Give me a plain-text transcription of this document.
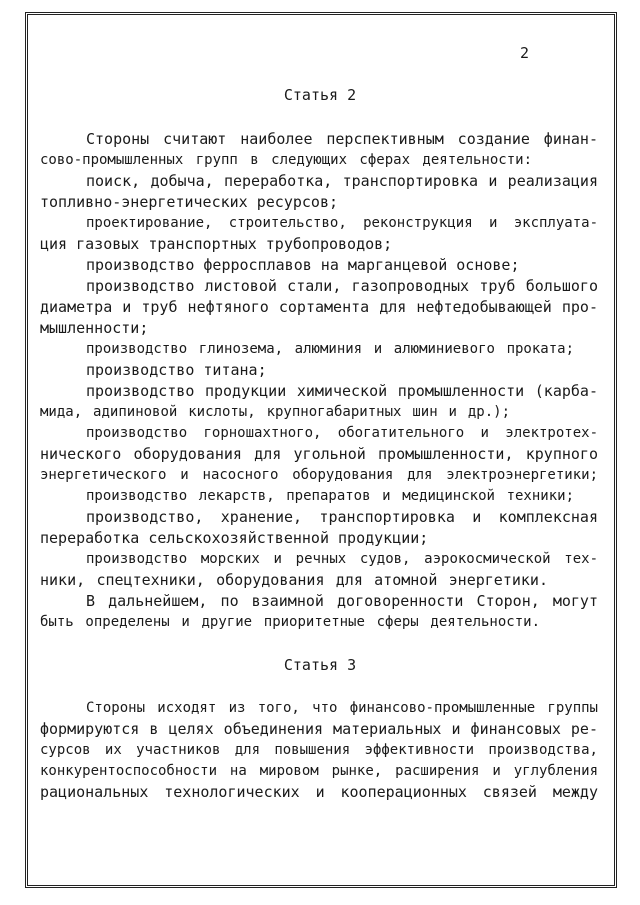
2
Статья 2
Стороны считают наиболее перспективным создание финан-
сово-промышленных групп в следующих сферах деятельности:
поиск, добыча, переработка, транспортировка и реализация
топливно-энергетических ресурсов;
проектирование, строительство, реконструкция и эксплуата-
ция газовых транспортных трубопроводов;
производство ферросплавов на марганцевой основе;
производство листовой стали, газопроводных труб большого
диаметра и труб нефтяного сортамента для нефтедобывающей про-
мышленности;
производство глинозема, алюминия и алюминиевого проката;
производство титана;
производство продукции химической промышленности (карба-
мида, адипиновой кислоты, крупногабаритных шин и др.);
производство горношахтного, обогатительного и электротех-
нического оборудования для угольной промышленности, крупного
энергетического и насосного оборудования для электроэнергетики;
производство лекарств, препаратов и медицинской техники;
производство, хранение, транспортировка и комплексная
переработка сельскохозяйственной продукции;
производство морских и речных судов, аэрокосмической тех-
ники, спецтехники, оборудования для атомной энергетики.
В дальнейшем, по взаимной договоренности Сторон, могут
быть определены и другие приоритетные сферы деятельности.
Статья 3
Стороны исходят из того, что финансово-промышленные группы
формируются в целях объединения материальных и финансовых ре-
сурсов их участников для повышения эффективности производства,
конкурентоспособности на мировом рынке, расширения и углубления
рациональных технологических и кооперационных связей между
